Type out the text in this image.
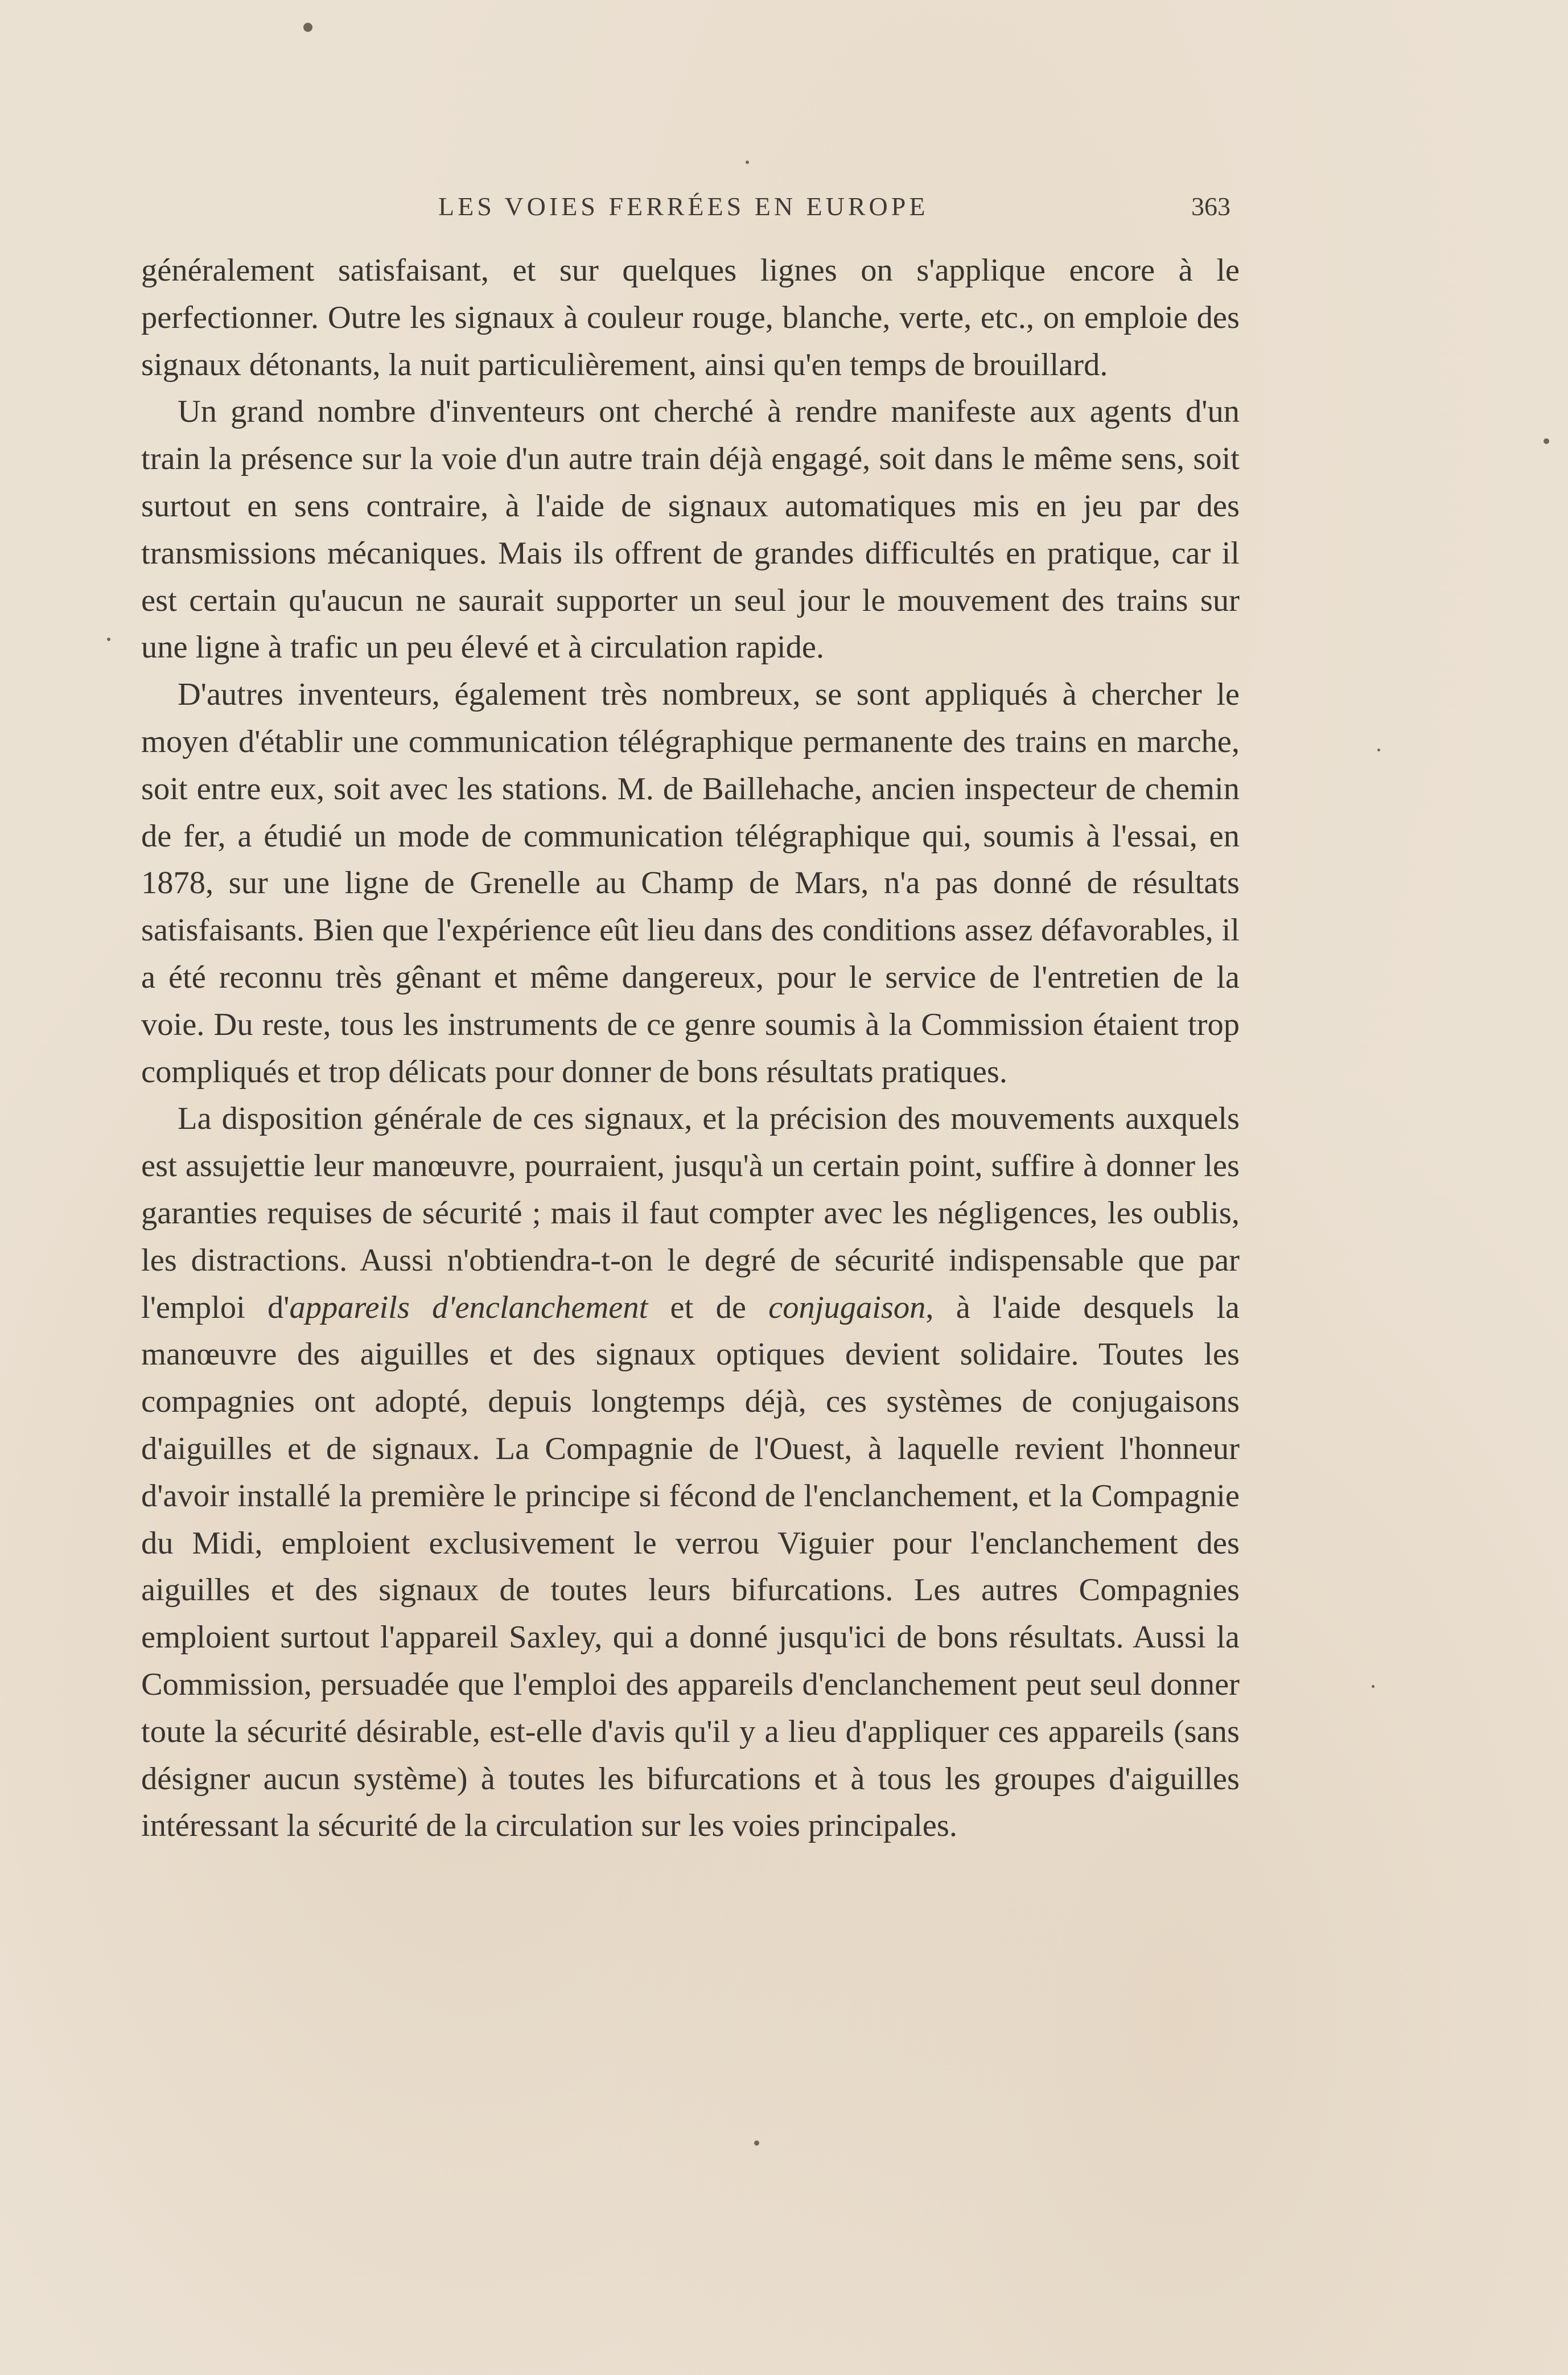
LES VOIES FERRÉES EN EUROPE	363

généralement satisfaisant, et sur quelques lignes on s'applique encore à le perfectionner. Outre les signaux à couleur rouge, blanche, verte, etc., on emploie des signaux détonants, la nuit particulièrement, ainsi qu'en temps de brouillard.

Un grand nombre d'inventeurs ont cherché à rendre manifeste aux agents d'un train la présence sur la voie d'un autre train déjà engagé, soit dans le même sens, soit surtout en sens contraire, à l'aide de signaux automatiques mis en jeu par des transmissions mécaniques. Mais ils offrent de grandes difficultés en pratique, car il est certain qu'aucun ne saurait supporter un seul jour le mouvement des trains sur une ligne à trafic un peu élevé et à circulation rapide.

D'autres inventeurs, également très nombreux, se sont appliqués à chercher le moyen d'établir une communication télégraphique permanente des trains en marche, soit entre eux, soit avec les stations. M. de Baillehache, ancien inspecteur de chemin de fer, a étudié un mode de communication télégraphique qui, soumis à l'essai, en 1878, sur une ligne de Grenelle au Champ de Mars, n'a pas donné de résultats satisfaisants. Bien que l'expérience eût lieu dans des conditions assez défavorables, il a été reconnu très gênant et même dangereux, pour le service de l'entretien de la voie. Du reste, tous les instruments de ce genre soumis à la Commission étaient trop compliqués et trop délicats pour donner de bons résultats pratiques.

La disposition générale de ces signaux, et la précision des mouvements auxquels est assujettie leur manœuvre, pourraient, jusqu'à un certain point, suffire à donner les garanties requises de sécurité ; mais il faut compter avec les négligences, les oublis, les distractions. Aussi n'obtiendra-t-on le degré de sécurité indispensable que par l'emploi d'appareils d'enclanchement et de conjugaison, à l'aide desquels la manœuvre des aiguilles et des signaux optiques devient solidaire. Toutes les compagnies ont adopté, depuis longtemps déjà, ces systèmes de conjugaisons d'aiguilles et de signaux. La Compagnie de l'Ouest, à laquelle revient l'honneur d'avoir installé la première le principe si fécond de l'enclanchement, et la Compagnie du Midi, emploient exclusivement le verrou Viguier pour l'enclanchement des aiguilles et des signaux de toutes leurs bifurcations. Les autres Compagnies emploient surtout l'appareil Saxley, qui a donné jusqu'ici de bons résultats. Aussi la Commission, persuadée que l'emploi des appareils d'enclanchement peut seul donner toute la sécurité désirable, est-elle d'avis qu'il y a lieu d'appliquer ces appareils (sans désigner aucun système) à toutes les bifurcations et à tous les groupes d'aiguilles intéressant la sécurité de la circulation sur les voies principales.
